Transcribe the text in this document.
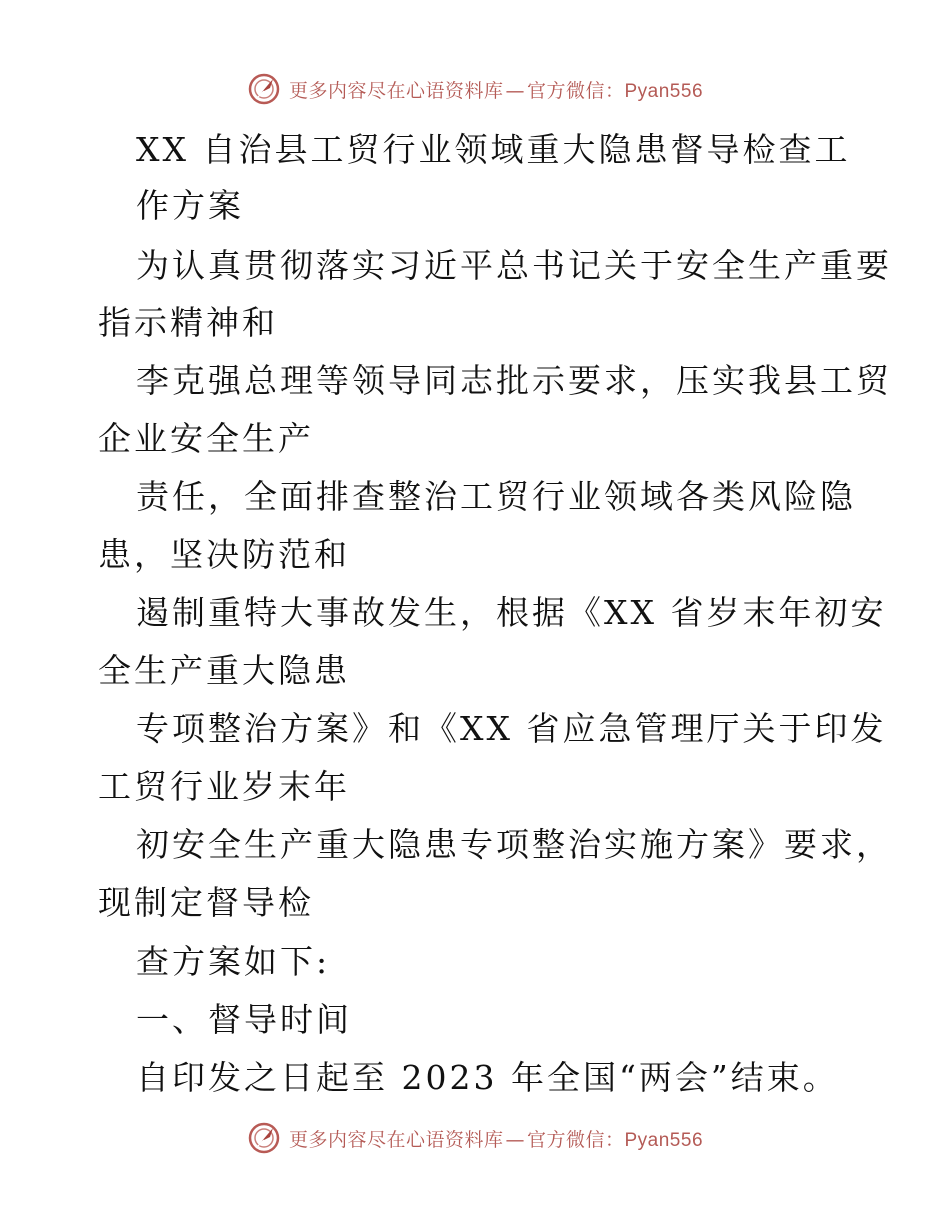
更多内容尽在心语资料库 — 官方微信：Pyan556
XX 自治县工贸行业领域重大隐患督导检查工
作方案
为认真贯彻落实习近平总书记关于安全生产重要
指示精神和
李克强总理等领导同志批示要求，压实我县工贸
企业安全生产
责任，全面排查整治工贸行业领域各类风险隐
患，坚决防范和
遏制重特大事故发生，根据《XX 省岁末年初安
全生产重大隐患
专项整治方案》和《XX 省应急管理厅关于印发
工贸行业岁末年
初安全生产重大隐患专项整治实施方案》要求，
现制定督导检
查方案如下:
一、督导时间
自印发之日起至 2023 年全国“两会”结束。
更多内容尽在心语资料库 — 官方微信：Pyan556
